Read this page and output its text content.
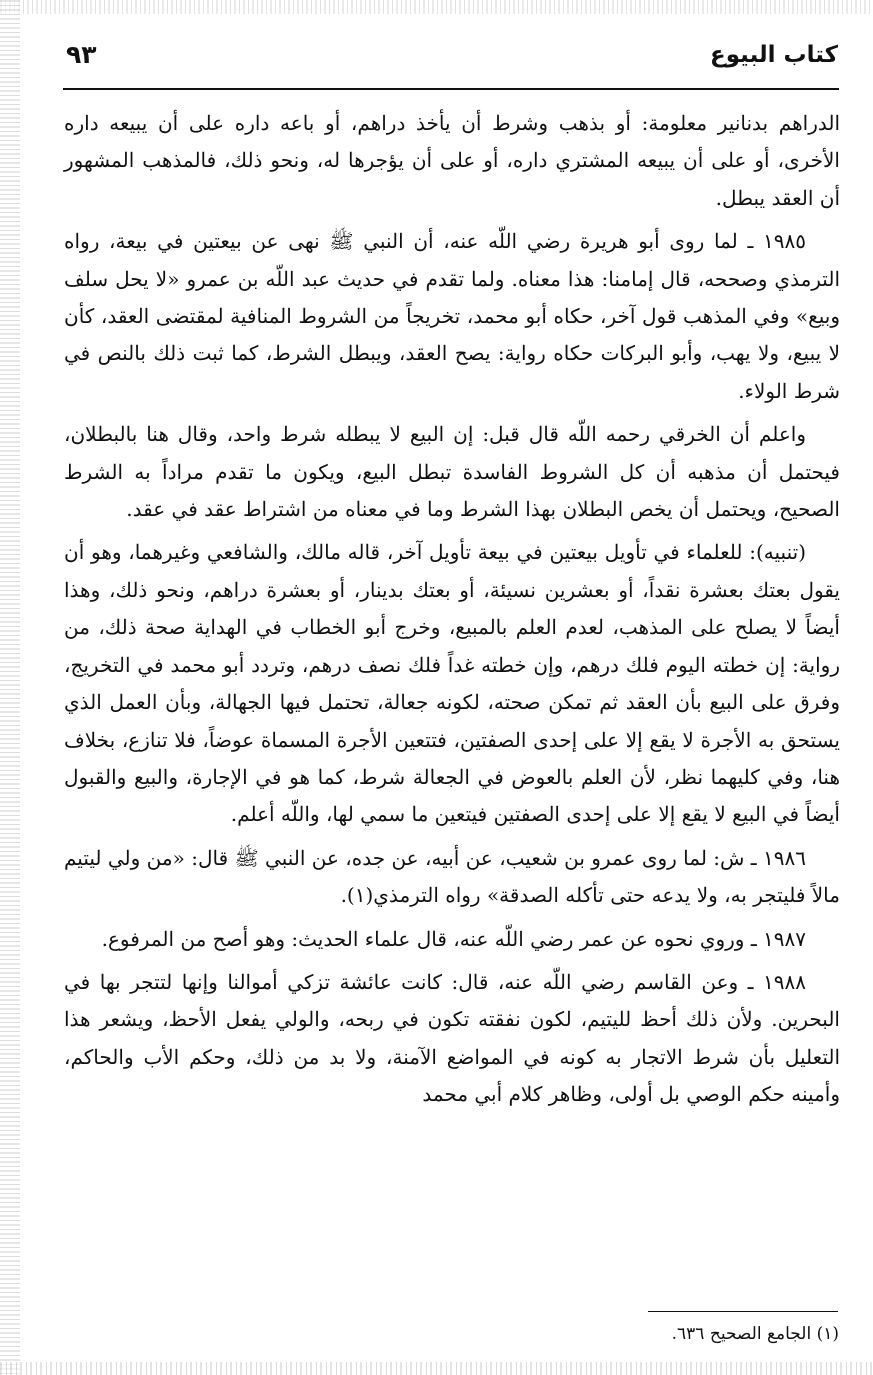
كتاب البيوع
٩٣

الدراهم بدنانير معلومة: أو بذهب وشرط أن يأخذ دراهم، أو باعه داره على أن يبيعه داره الأخرى، أو على أن يبيعه المشتري داره، أو على أن يؤجرها له، ونحو ذلك، فالمذهب المشهور أن العقد يبطل.

١٩٨٥ ـ لما روى أبو هريرة رضي اللّه عنه، أن النبي ﷺ نهى عن بيعتين في بيعة، رواه الترمذي وصححه، قال إمامنا: هذا معناه. ولما تقدم في حديث عبد اللّه بن عمرو «لا يحل سلف وبيع» وفي المذهب قول آخر، حكاه أبو محمد، تخريجاً من الشروط المنافية لمقتضى العقد، كأن لا يبيع، ولا يهب، وأبو البركات حكاه رواية: يصح العقد، ويبطل الشرط، كما ثبت ذلك بالنص في شرط الولاء.

واعلم أن الخرقي رحمه اللّه قال قبل: إن البيع لا يبطله شرط واحد، وقال هنا بالبطلان، فيحتمل أن مذهبه أن كل الشروط الفاسدة تبطل البيع، ويكون ما تقدم مراداً به الشرط الصحيح، ويحتمل أن يخص البطلان بهذا الشرط وما في معناه من اشتراط عقد في عقد.

(تنبيه): للعلماء في تأويل بيعتين في بيعة تأويل آخر، قاله مالك، والشافعي وغيرهما، وهو أن يقول بعتك بعشرة نقداً، أو بعشرين نسيئة، أو بعتك بدينار، أو بعشرة دراهم، ونحو ذلك، وهذا أيضاً لا يصلح على المذهب، لعدم العلم بالمبيع، وخرج أبو الخطاب في الهداية صحة ذلك، من رواية: إن خطته اليوم فلك درهم، وإن خطته غداً فلك نصف درهم، وتردد أبو محمد في التخريج، وفرق على البيع بأن العقد ثم تمكن صحته، لكونه جعالة، تحتمل فيها الجهالة، وبأن العمل الذي يستحق به الأجرة لا يقع إلا على إحدى الصفتين، فتتعين الأجرة المسماة عوضاً، فلا تنازع، بخلاف هنا، وفي كليهما نظر، لأن العلم بالعوض في الجعالة شرط، كما هو في الإجارة، والبيع والقبول أيضاً في البيع لا يقع إلا على إحدى الصفتين فيتعين ما سمي لها، واللّه أعلم.

١٩٨٦ ـ ش: لما روى عمرو بن شعيب، عن أبيه، عن جده، عن النبي ﷺ قال: «من ولي ليتيم مالاً فليتجر به، ولا يدعه حتى تأكله الصدقة» رواه الترمذي(١).

١٩٨٧ ـ وروي نحوه عن عمر رضي اللّه عنه، قال علماء الحديث: وهو أصح من المرفوع.

١٩٨٨ ـ وعن القاسم رضي اللّه عنه، قال: كانت عائشة تزكي أموالنا وإنها لتتجر بها في البحرين. ولأن ذلك أحظ لليتيم، لكون نفقته تكون في ربحه، والولي يفعل الأحظ، ويشعر هذا التعليل بأن شرط الاتجار به كونه في المواضع الآمنة، ولا بد من ذلك، وحكم الأب والحاكم، وأمينه حكم الوصي بل أولى، وظاهر كلام أبي محمد

(١) الجامع الصحيح ٦٣٦.
